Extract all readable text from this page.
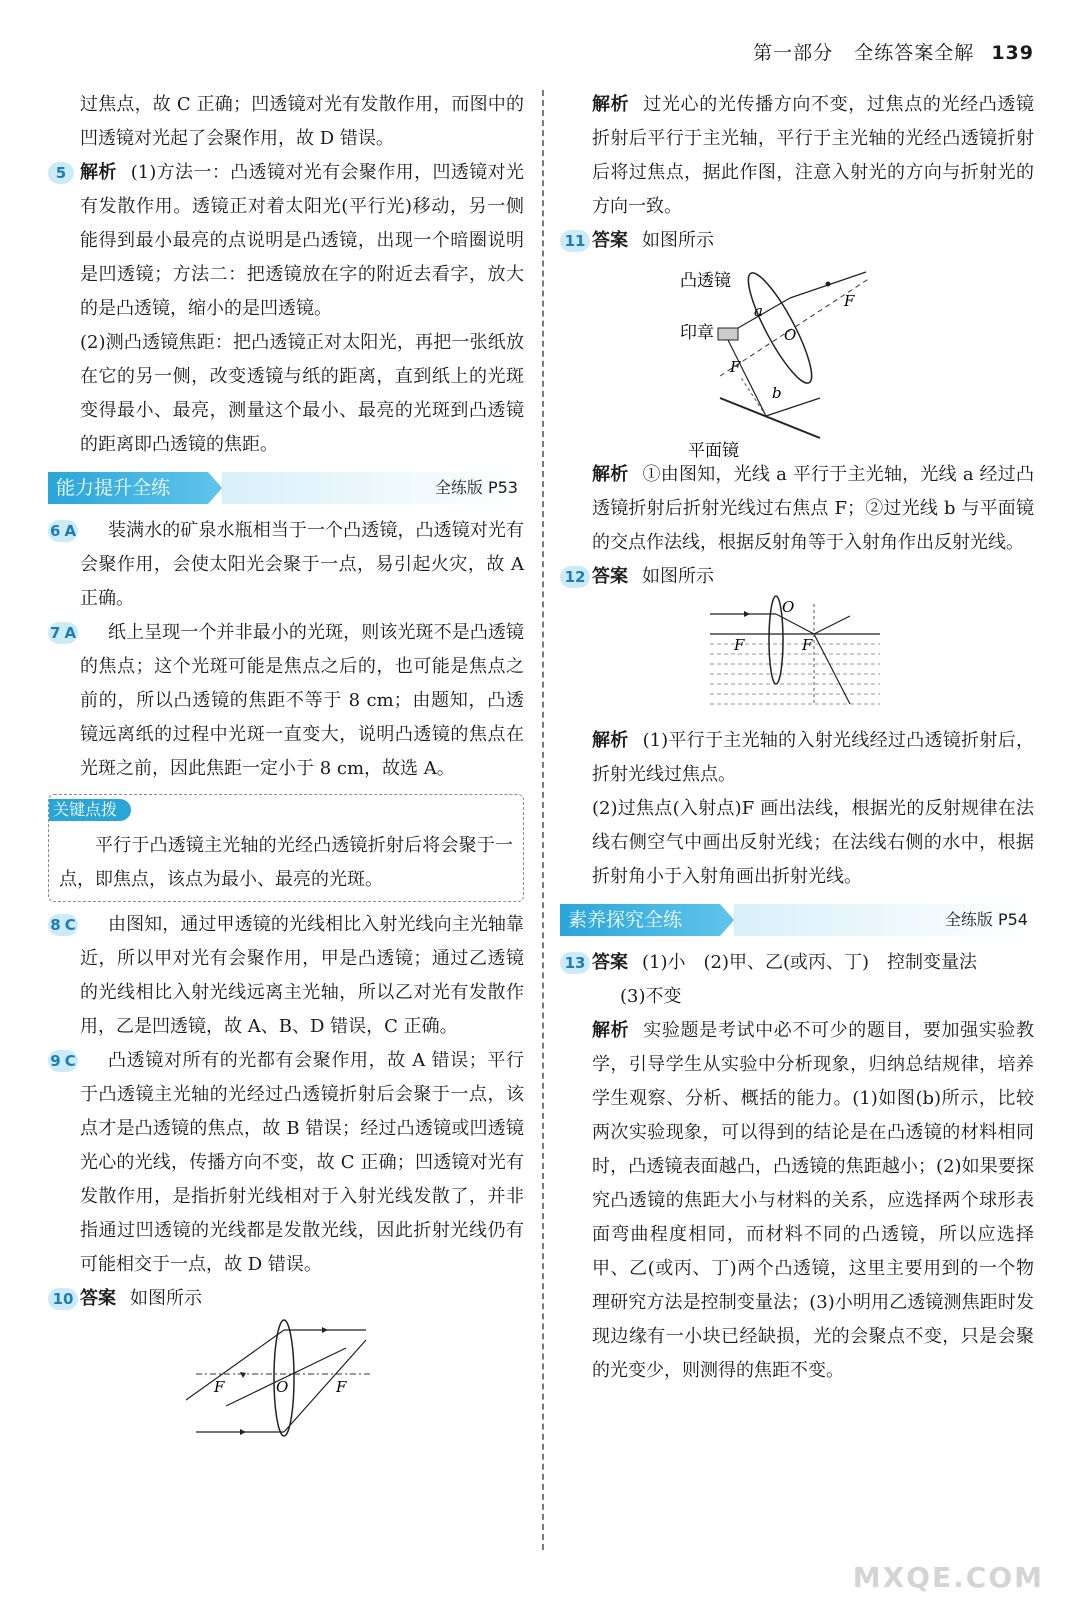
第一部分 全练答案全解 139

过焦点，故 C 正确；凹透镜对光有发散作用，而图中的凹透镜对光起了会聚作用，故 D 错误。

5 解析 (1)方法一：凸透镜对光有会聚作用，凹透镜对光有发散作用。透镜正对着太阳光(平行光)移动，另一侧能得到最小最亮的点说明是凸透镜，出现一个暗圈说明是凹透镜；方法二：把透镜放在字的附近去看字，放大的是凸透镜，缩小的是凹透镜。

(2)测凸透镜焦距：把凸透镜正对太阳光，再把一张纸放在它的另一侧，改变透镜与纸的距离，直到纸上的光斑变得最小、最亮，测量这个最小、最亮的光斑到凸透镜的距离即凸透镜的焦距。

能力提升全练	全练版 P53
6 A	装满水的矿泉水瓶相当于一个凸透镜，凸透镜对光有会聚作用，会使太阳光会聚于一点，易引起火灾，故 A 正确。

7 A	纸上呈现一个并非最小的光斑，则该光斑不是凸透镜的焦点；这个光斑可能是焦点之后的，也可能是焦点之前的，所以凸透镜的焦距不等于 8 cm；由题知，凸透镜远离纸的过程中光斑一直变大，说明凸透镜的焦点在光斑之前，因此焦距一定小于 8 cm，故选 A。

关键点拨

平行于凸透镜主光轴的光经凸透镜折射后将会聚于一点，即焦点，该点为最小、最亮的光斑。

8 C	由图知，通过甲透镜的光线相比入射光线向主光轴靠近，所以甲对光有会聚作用，甲是凸透镜；通过乙透镜的光线相比入射光线远离主光轴，所以乙对光有发散作用，乙是凹透镜，故 A、B、D 错误，C 正确。

9 C	凸透镜对所有的光都有会聚作用，故 A 错误；平行于凸透镜主光轴的光经过凸透镜折射后会聚于一点，该点才是凸透镜的焦点，故 B 错误；经过凸透镜或凹透镜光心的光线，传播方向不变，故 C 正确；凹透镜对光有发散作用，是指折射光线相对于入射光线发散了，并非指通过凹透镜的光线都是发散光线，因此折射光线仍有可能相交于一点，故 D 错误。

10 答案 如图所示

F	O	F

解析 过光心的光传播方向不变，过焦点的光经凸透镜折射后平行于主光轴，平行于主光轴的光经凸透镜折射后将过焦点，据此作图，注意入射光的方向与折射光的方向一致。

11 答案 如图所示

凸透镜
印章
平面镜
a
b
O
F
F

解析 ①由图知，光线 a 平行于主光轴，光线 a 经过凸透镜折射后折射光线过右焦点 F；②过光线 b 与平面镜的交点作法线，根据反射角等于入射角作出反射光线。

12 答案 如图所示

O
F	F

解析 (1)平行于主光轴的入射光线经过凸透镜折射后，折射光线过焦点。

(2)过焦点(入射点)F 画出法线，根据光的反射规律在法线右侧空气中画出反射光线；在法线右侧的水中，根据折射角小于入射角画出折射光线。

素养探究全练	全练版 P54
13 答案 (1)小　(2)甲、乙(或丙、丁)　控制变量法

(3)不变

解析 实验题是考试中必不可少的题目，要加强实验教学，引导学生从实验中分析现象，归纳总结规律，培养学生观察、分析、概括的能力。(1)如图(b)所示，比较两次实验现象，可以得到的结论是在凸透镜的材料相同时，凸透镜表面越凸，凸透镜的焦距越小；(2)如果要探究凸透镜的焦距大小与材料的关系，应选择两个球形表面弯曲程度相同，而材料不同的凸透镜，所以应选择甲、乙(或丙、丁)两个凸透镜，这里主要用到的一个物理研究方法是控制变量法；(3)小明用乙透镜测焦距时发现边缘有一小块已经缺损，光的会聚点不变，只是会聚的光变少，则测得的焦距不变。

MXQE.COM
